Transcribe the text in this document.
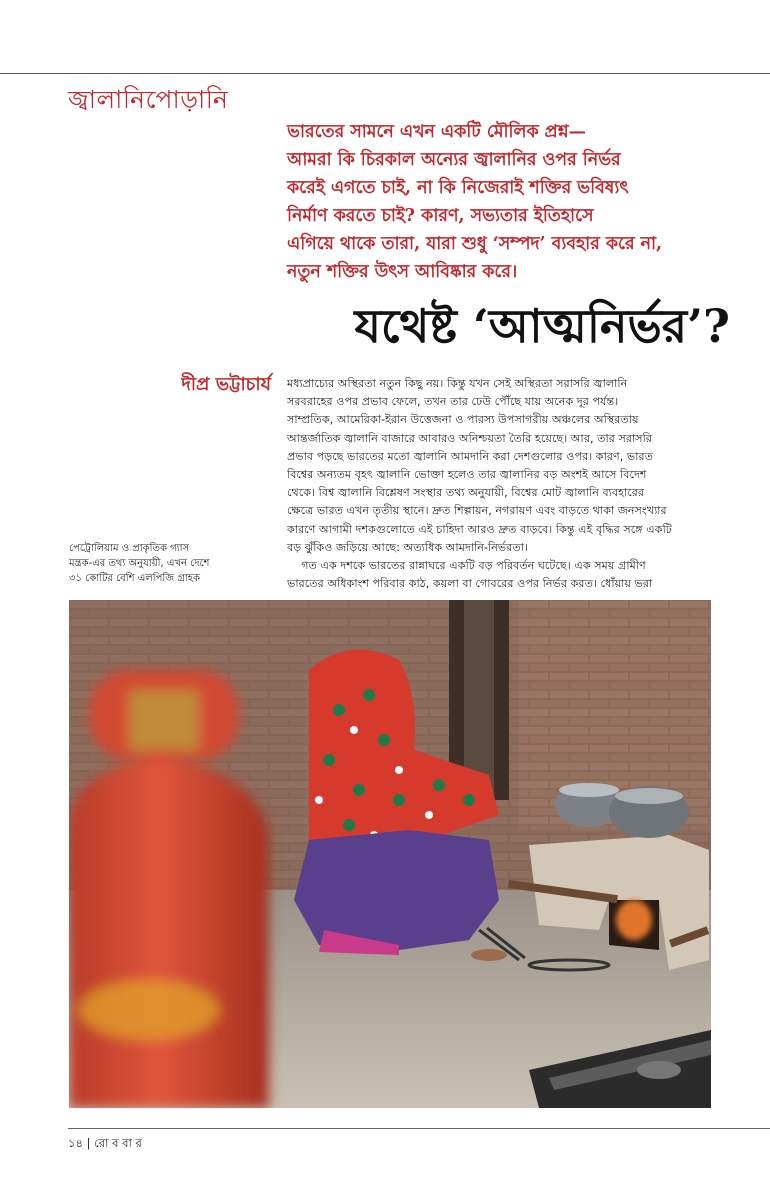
জ্বালানিপোড়ানি
ভারতের সামনে এখন একটি মৌলিক প্রশ্ন—
আমরা কি চিরকাল অন্যের জ্বালানির ওপর নির্ভর
করেই এগতে চাই, না কি নিজেরাই শক্তির ভবিষ্যৎ
নির্মাণ করতে চাই? কারণ, সভ্যতার ইতিহাসে
এগিয়ে থাকে তারা, যারা শুধু ‘সম্পদ’ ব্যবহার করে না,
নতুন শক্তির উৎস আবিষ্কার করে।
যথেষ্ট ‘আত্মনির্ভর’?
দীপ্র ভট্টাচার্য মধ্যপ্রাচ্যের অস্থিরতা নতুন কিছু নয়। কিন্তু যখন সেই অস্থিরতা সরাসরি জ্বালানি
সরবরাহের ওপর প্রভাব ফেলে, তখন তার ঢেউ পৌঁছে যায় অনেক দূর পর্যন্ত।
সাম্প্রতিক, আমেরিকা-ইরান উত্তেজনা ও পারস্য উপসাগরীয় অঞ্চলের অস্থিরতায়
আন্তর্জাতিক জ্বালানি বাজারে আবারও অনিশ্চয়তা তৈরি হয়েছে। আর, তার সরাসরি
প্রভাব পড়ছে ভারতের মতো জ্বালানি আমদানি করা দেশগুলোর ওপর। কারণ, ভারত
বিশ্বের অন্যতম বৃহৎ জ্বালানি ভোক্তা হলেও তার জ্বালানির বড় অংশই আসে বিদেশ
থেকে। বিশ্ব জ্বালানি বিশ্লেষণ সংস্থার তথ্য অনুযায়ী, বিশ্বের মোট জ্বালানি ব্যবহারের
ক্ষেত্রে ভারত এখন তৃতীয় স্থানে। দ্রুত শিল্পায়ন, নগরায়ণ এবং বাড়তে থাকা জনসংখ্যার
কারণে আগামী দশকগুলোতে এই চাহিদা আরও দ্রুত বাড়বে। কিন্তু এই বৃদ্ধির সঙ্গে একটি
বড় ঝুঁকিও জড়িয়ে আছে: অত্যধিক আমদানি-নির্ভরতা।
গত এক দশকে ভারতের রান্নাঘরে একটি বড় পরিবর্তন ঘটেছে। এক সময় গ্রামীণ
ভারতের অধিকাংশ পরিবার কাঠ, কয়লা বা গোবরের ওপর নির্ভর করত। ধোঁয়ায় ভরা
পেট্রোলিয়াম ও প্রাকৃতিক গ্যাস
মন্ত্রক-এর তথ্য অনুযায়ী, এখন দেশে
৩১ কোটির বেশি এলপিজি গ্রাহক
১৪ | রো ব বা র
